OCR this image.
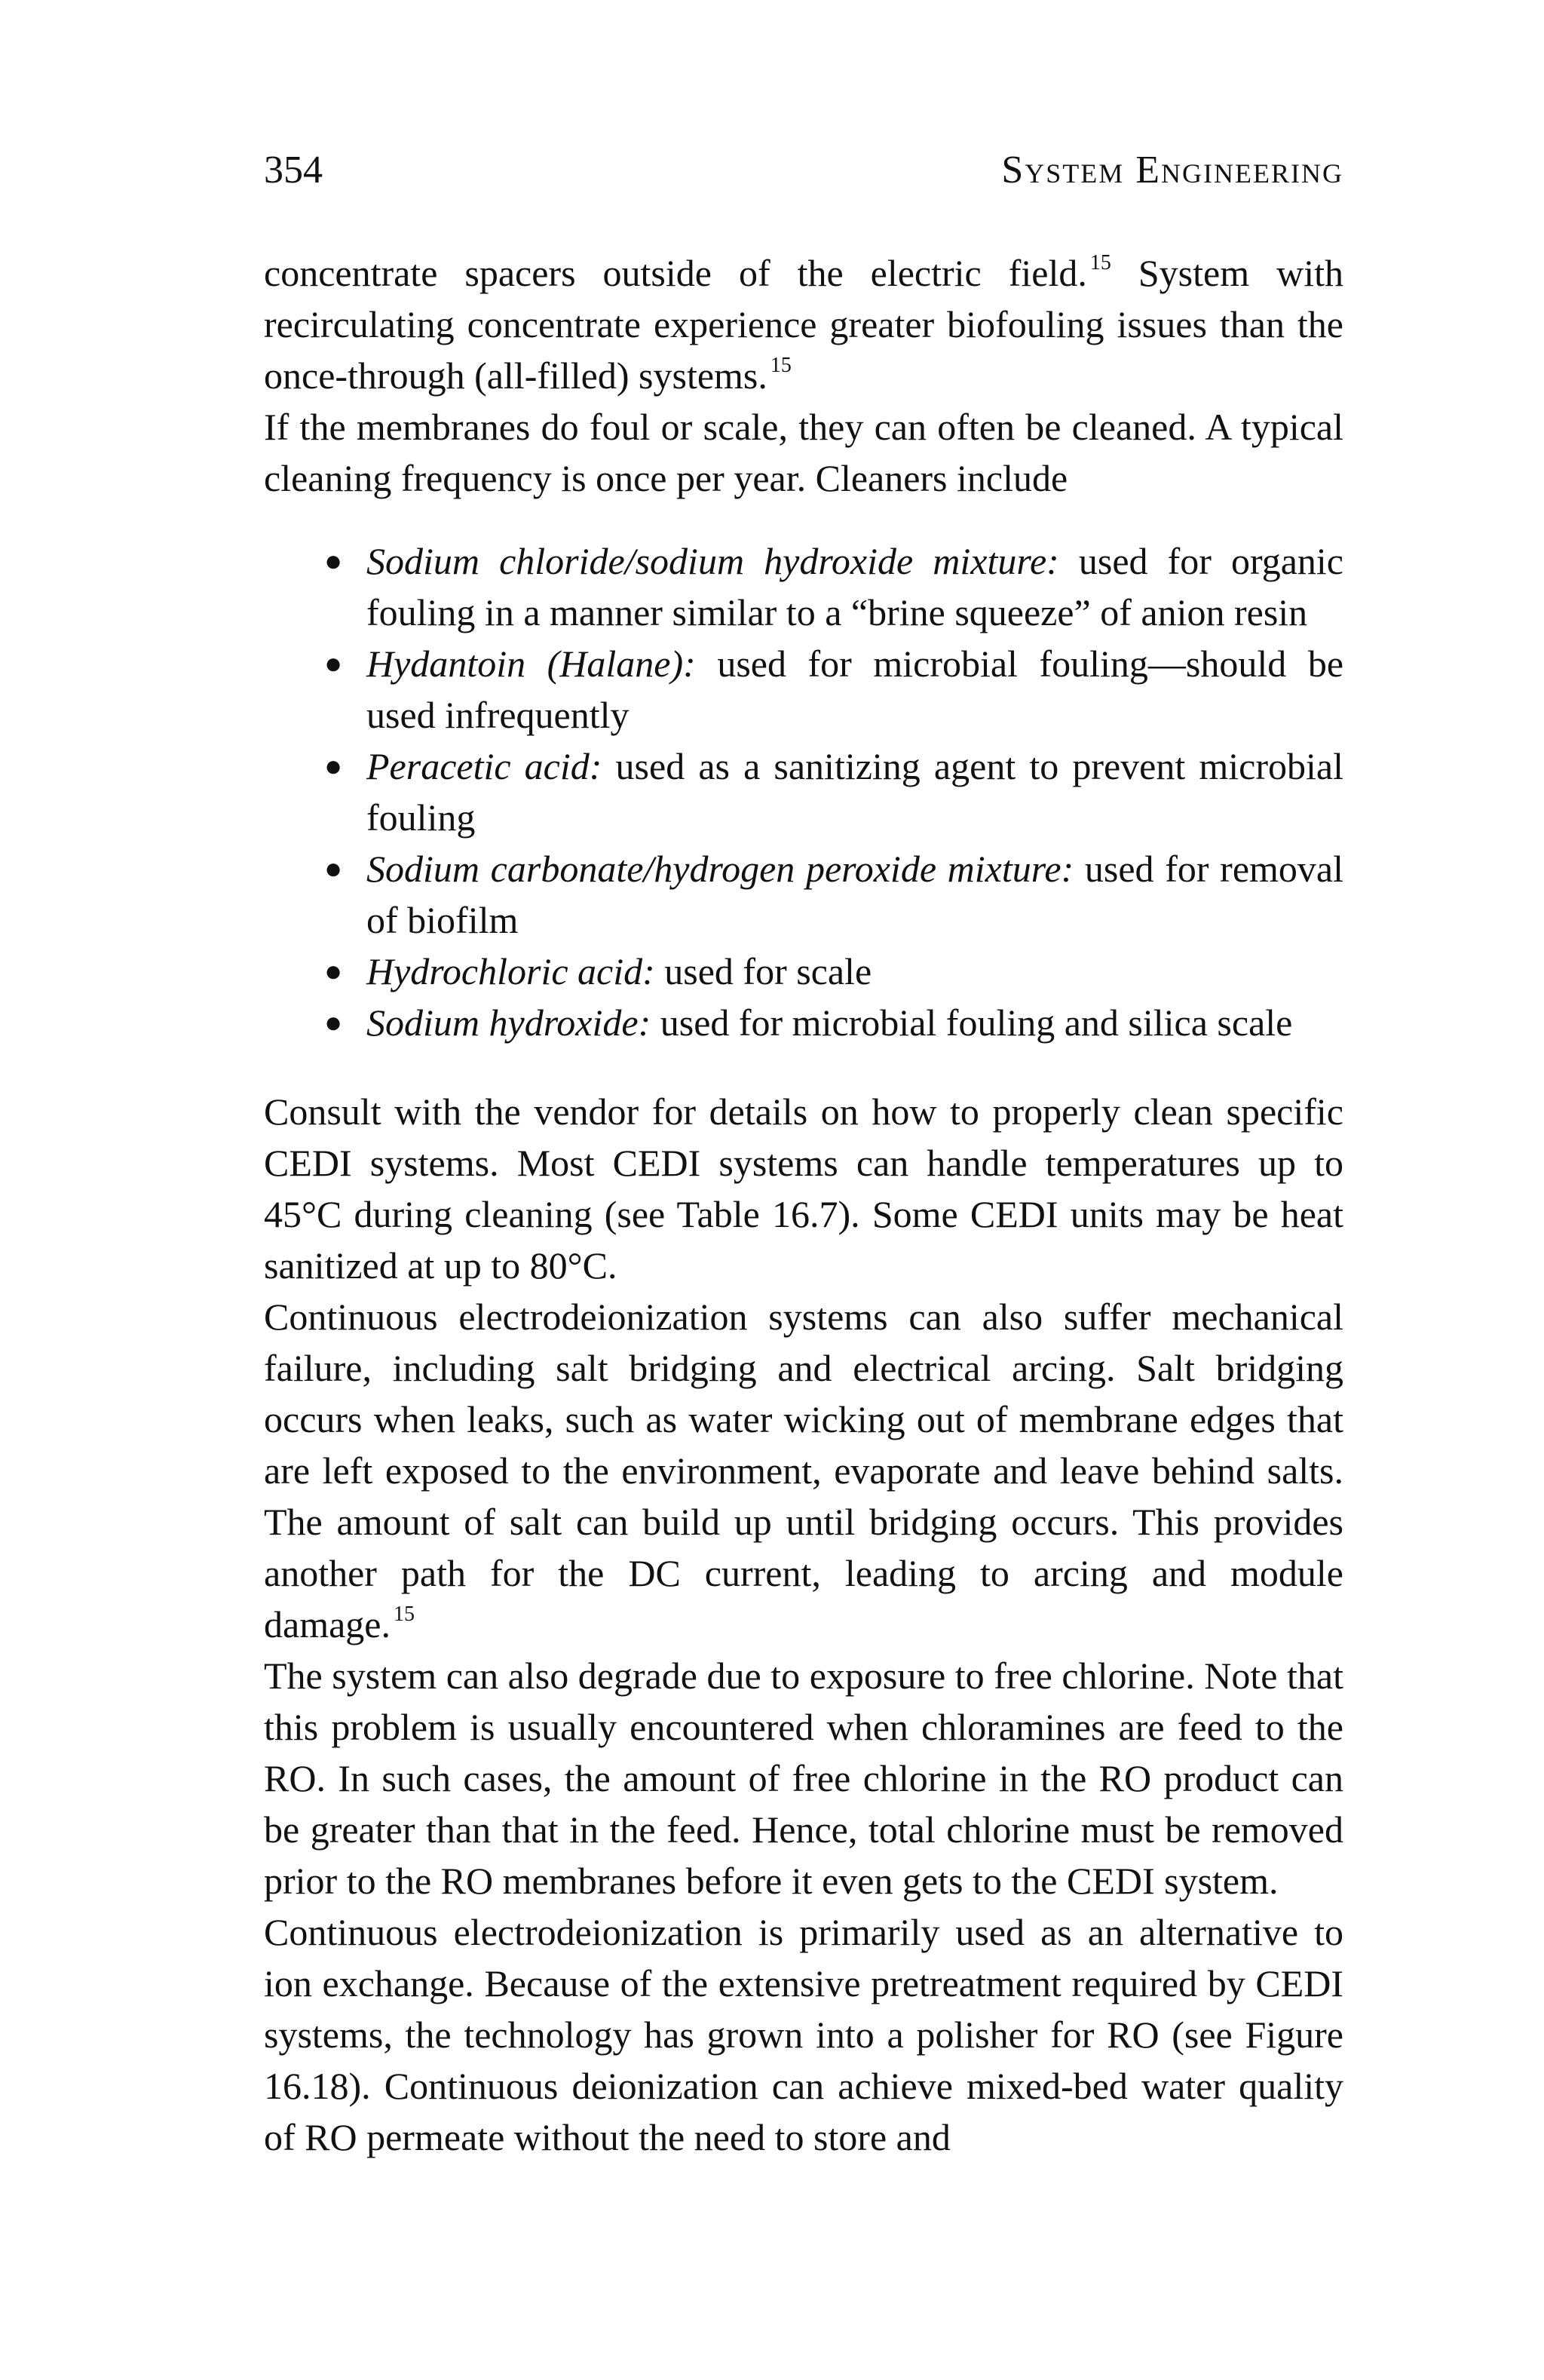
354	System Engineering

concentrate spacers outside of the electric field. $^{15}$ System with recirculating concentrate experience greater biofouling issues than the once-through (all-filled) systems. $^{15}$

If the membranes do foul or scale, they can often be cleaned. A typical cleaning frequency is once per year. Cleaners include

● Sodium chloride/sodium hydroxide mixture: used for organic fouling in a manner similar to a “brine squeeze” of anion resin
● Hydantoin (Halane): used for microbial fouling—should be used infrequently
● Peracetic acid: used as a sanitizing agent to prevent microbial fouling
● Sodium carbonate/hydrogen peroxide mixture: used for removal of biofilm
● Hydrochloric acid: used for scale
● Sodium hydroxide: used for microbial fouling and silica scale

Consult with the vendor for details on how to properly clean specific CEDI systems. Most CEDI systems can handle temperatures up to 45°C during cleaning (see Table 16.7). Some CEDI units may be heat sanitized at up to 80°C.

Continuous electrodeionization systems can also suffer mechanical failure, including salt bridging and electrical arcing. Salt bridging occurs when leaks, such as water wicking out of membrane edges that are left exposed to the environment, evaporate and leave behind salts. The amount of salt can build up until bridging occurs. This provides another path for the DC current, leading to arcing and module damage. $^{15}$

The system can also degrade due to exposure to free chlorine. Note that this problem is usually encountered when chloramines are feed to the RO. In such cases, the amount of free chlorine in the RO product can be greater than that in the feed. Hence, total chlorine must be removed prior to the RO membranes before it even gets to the CEDI system.

Continuous electrodeionization is primarily used as an alternative to ion exchange. Because of the extensive pretreatment required by CEDI systems, the technology has grown into a polisher for RO (see Figure 16.18). Continuous deionization can achieve mixed-bed water quality of RO permeate without the need to store and
